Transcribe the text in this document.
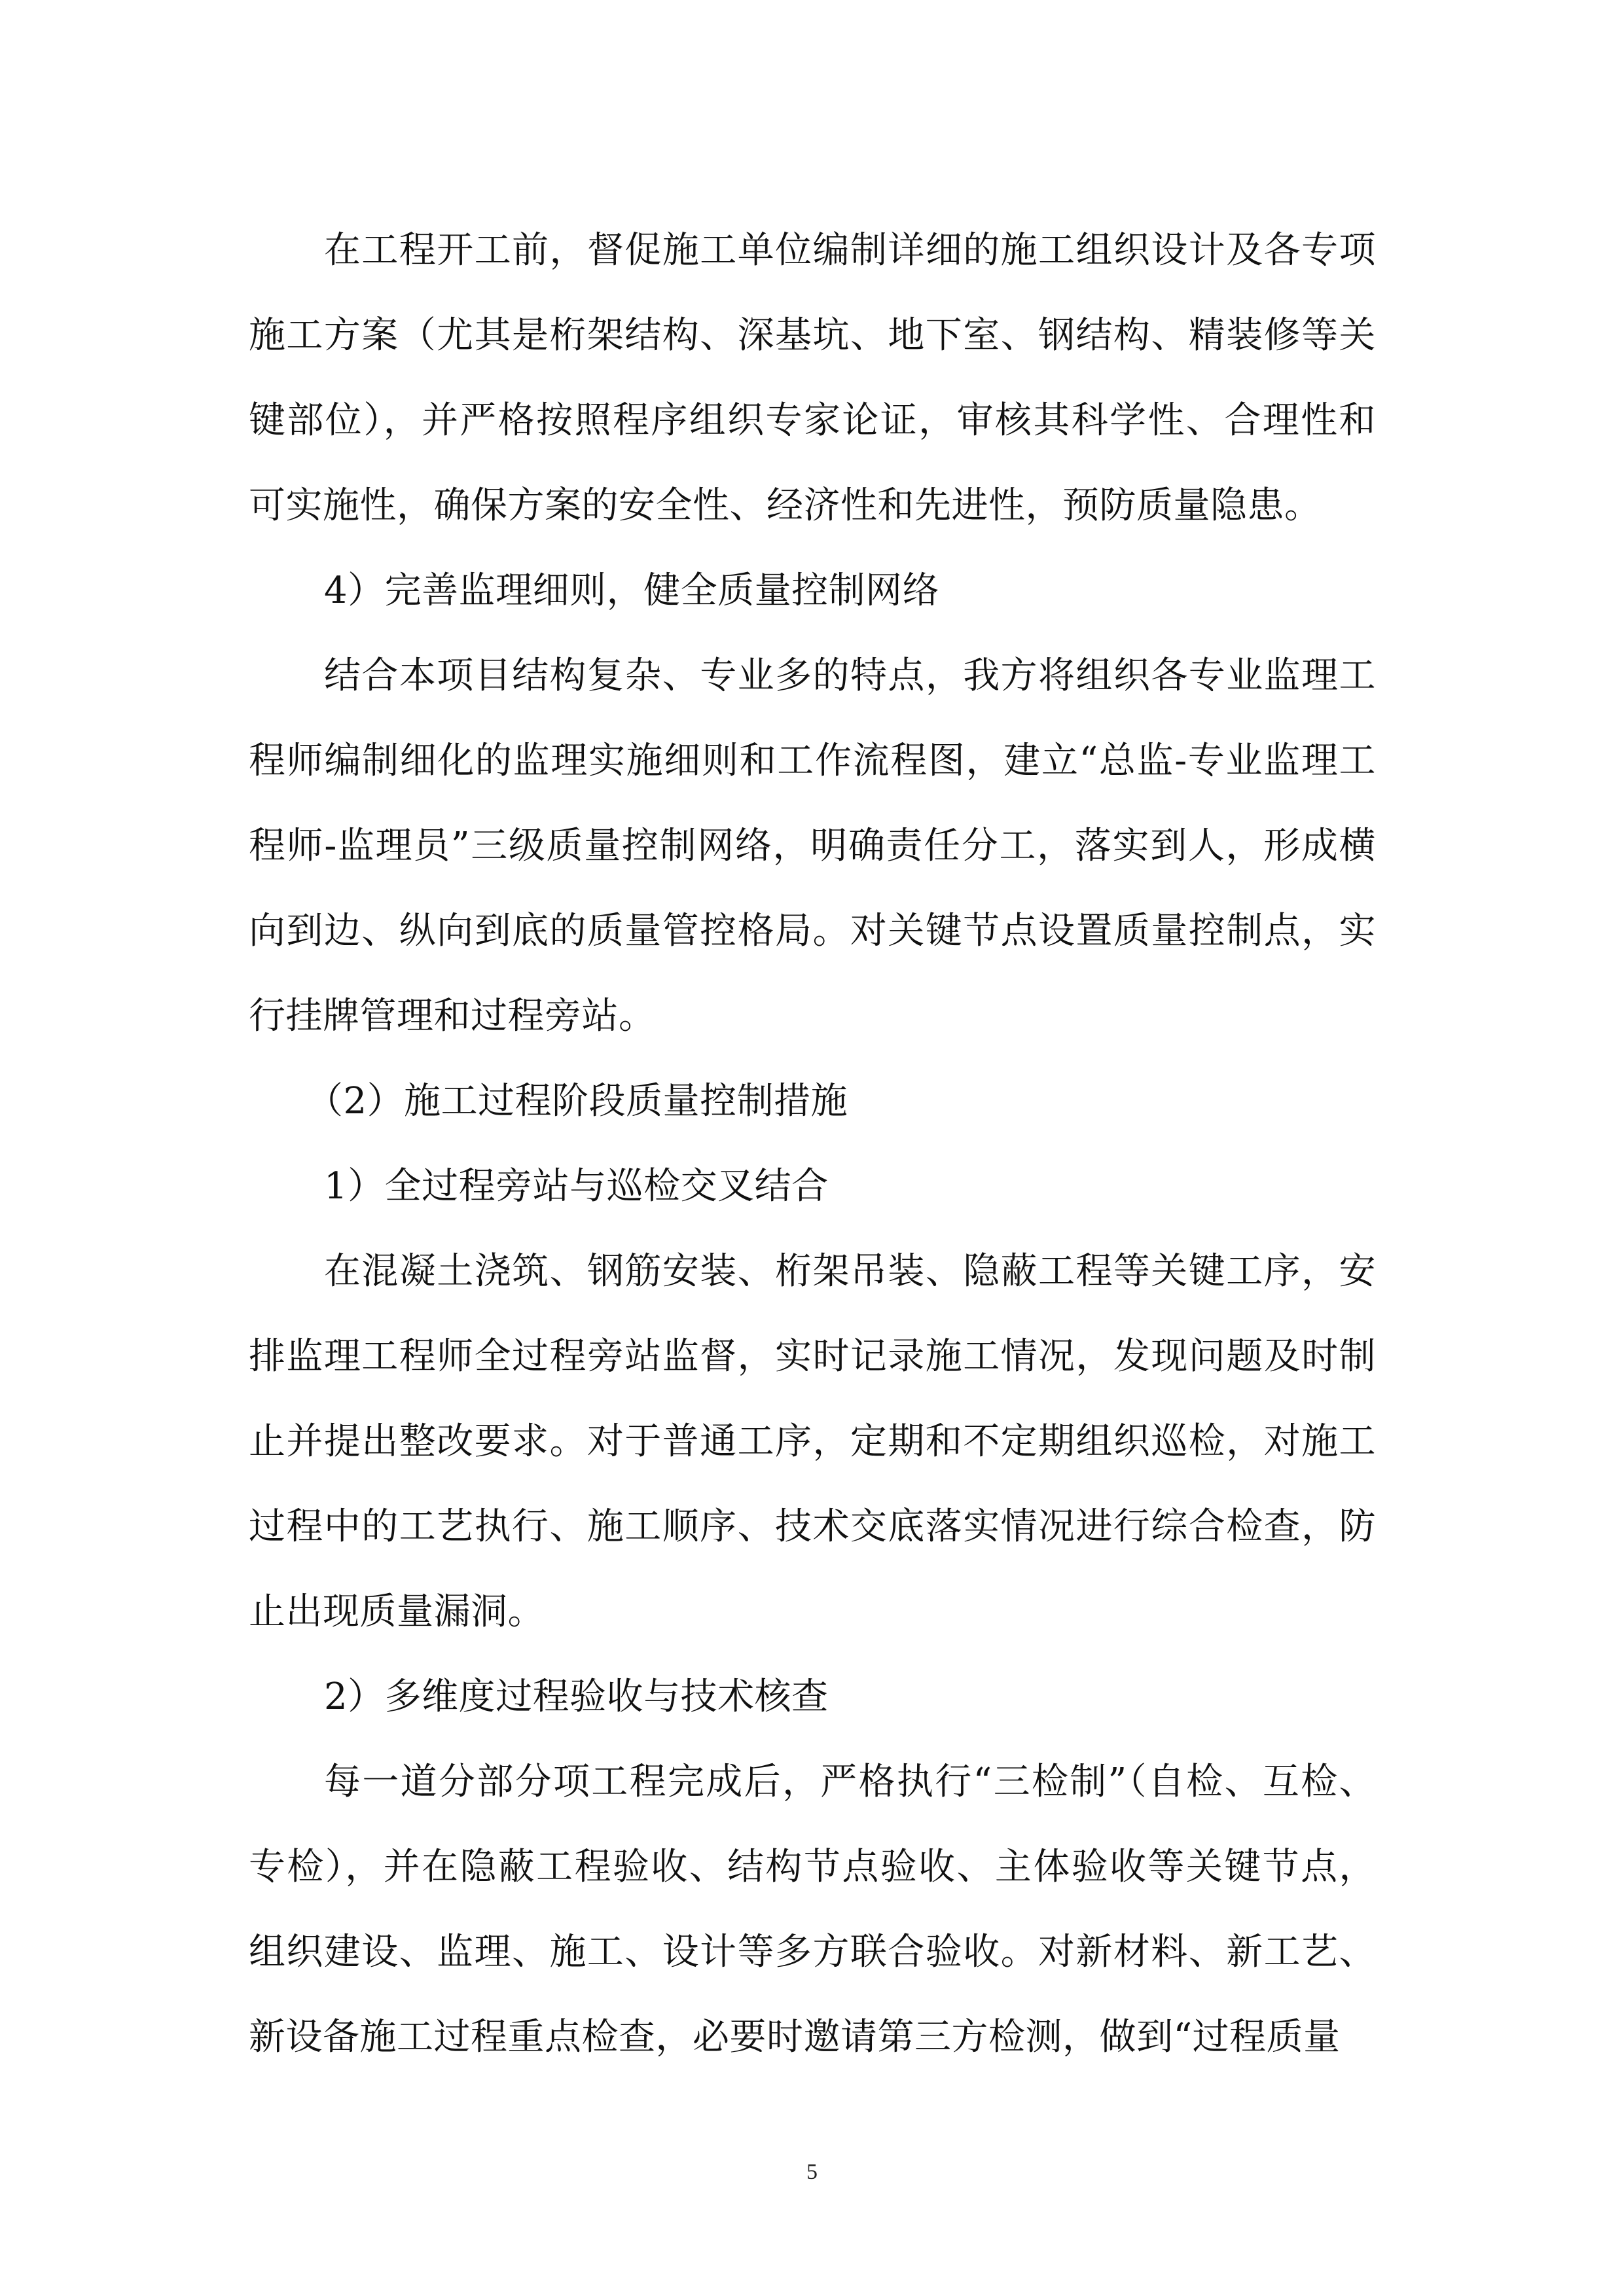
在工程开工前，督促施工单位编制详细的施工组织设计及各专项施工方案（尤其是桁架结构、深基坑、地下室、钢结构、精装修等关键部位），并严格按照程序组织专家论证，审核其科学性、合理性和可实施性，确保方案的安全性、经济性和先进性，预防质量隐患。

4）完善监理细则，健全质量控制网络

结合本项目结构复杂、专业多的特点，我方将组织各专业监理工程师编制细化的监理实施细则和工作流程图，建立“总监-专业监理工程师-监理员”三级质量控制网络，明确责任分工，落实到人，形成横向到边、纵向到底的质量管控格局。对关键节点设置质量控制点，实行挂牌管理和过程旁站。

（2）施工过程阶段质量控制措施

1）全过程旁站与巡检交叉结合

在混凝土浇筑、钢筋安装、桁架吊装、隐蔽工程等关键工序，安排监理工程师全过程旁站监督，实时记录施工情况，发现问题及时制止并提出整改要求。对于普通工序，定期和不定期组织巡检，对施工过程中的工艺执行、施工顺序、技术交底落实情况进行综合检查，防止出现质量漏洞。

2）多维度过程验收与技术核查

每一道分部分项工程完成后，严格执行“三检制”（自检、互检、专检），并在隐蔽工程验收、结构节点验收、主体验收等关键节点，组织建设、监理、施工、设计等多方联合验收。对新材料、新工艺、新设备施工过程重点检查，必要时邀请第三方检测，做到“过程质量

5
